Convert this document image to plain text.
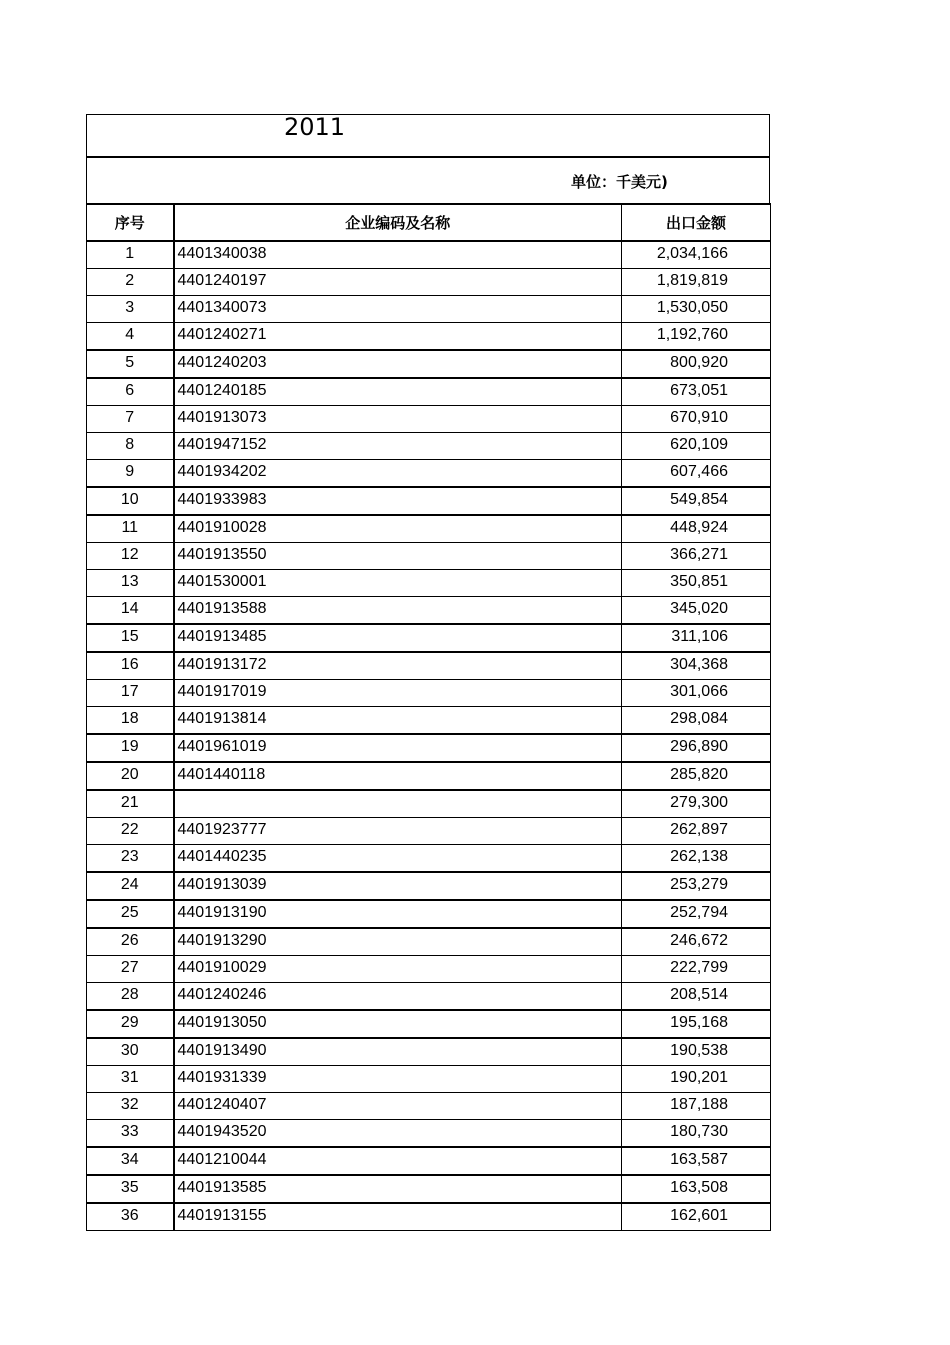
2011
单位：千美元)
序号	企业编码及名称	出口金额
1	4401340038	2,034,166
2	4401240197	1,819,819
3	4401340073	1,530,050
4	4401240271	1,192,760
5	4401240203	800,920
6	4401240185	673,051
7	4401913073	670,910
8	4401947152	620,109
9	4401934202	607,466
10	4401933983	549,854
11	4401910028	448,924
12	4401913550	366,271
13	4401530001	350,851
14	4401913588	345,020
15	4401913485	311,106
16	4401913172	304,368
17	4401917019	301,066
18	4401913814	298,084
19	4401961019	296,890
20	4401440118	285,820
21		279,300
22	4401923777	262,897
23	4401440235	262,138
24	4401913039	253,279
25	4401913190	252,794
26	4401913290	246,672
27	4401910029	222,799
28	4401240246	208,514
29	4401913050	195,168
30	4401913490	190,538
31	4401931339	190,201
32	4401240407	187,188
33	4401943520	180,730
34	4401210044	163,587
35	4401913585	163,508
36	4401913155	162,601
